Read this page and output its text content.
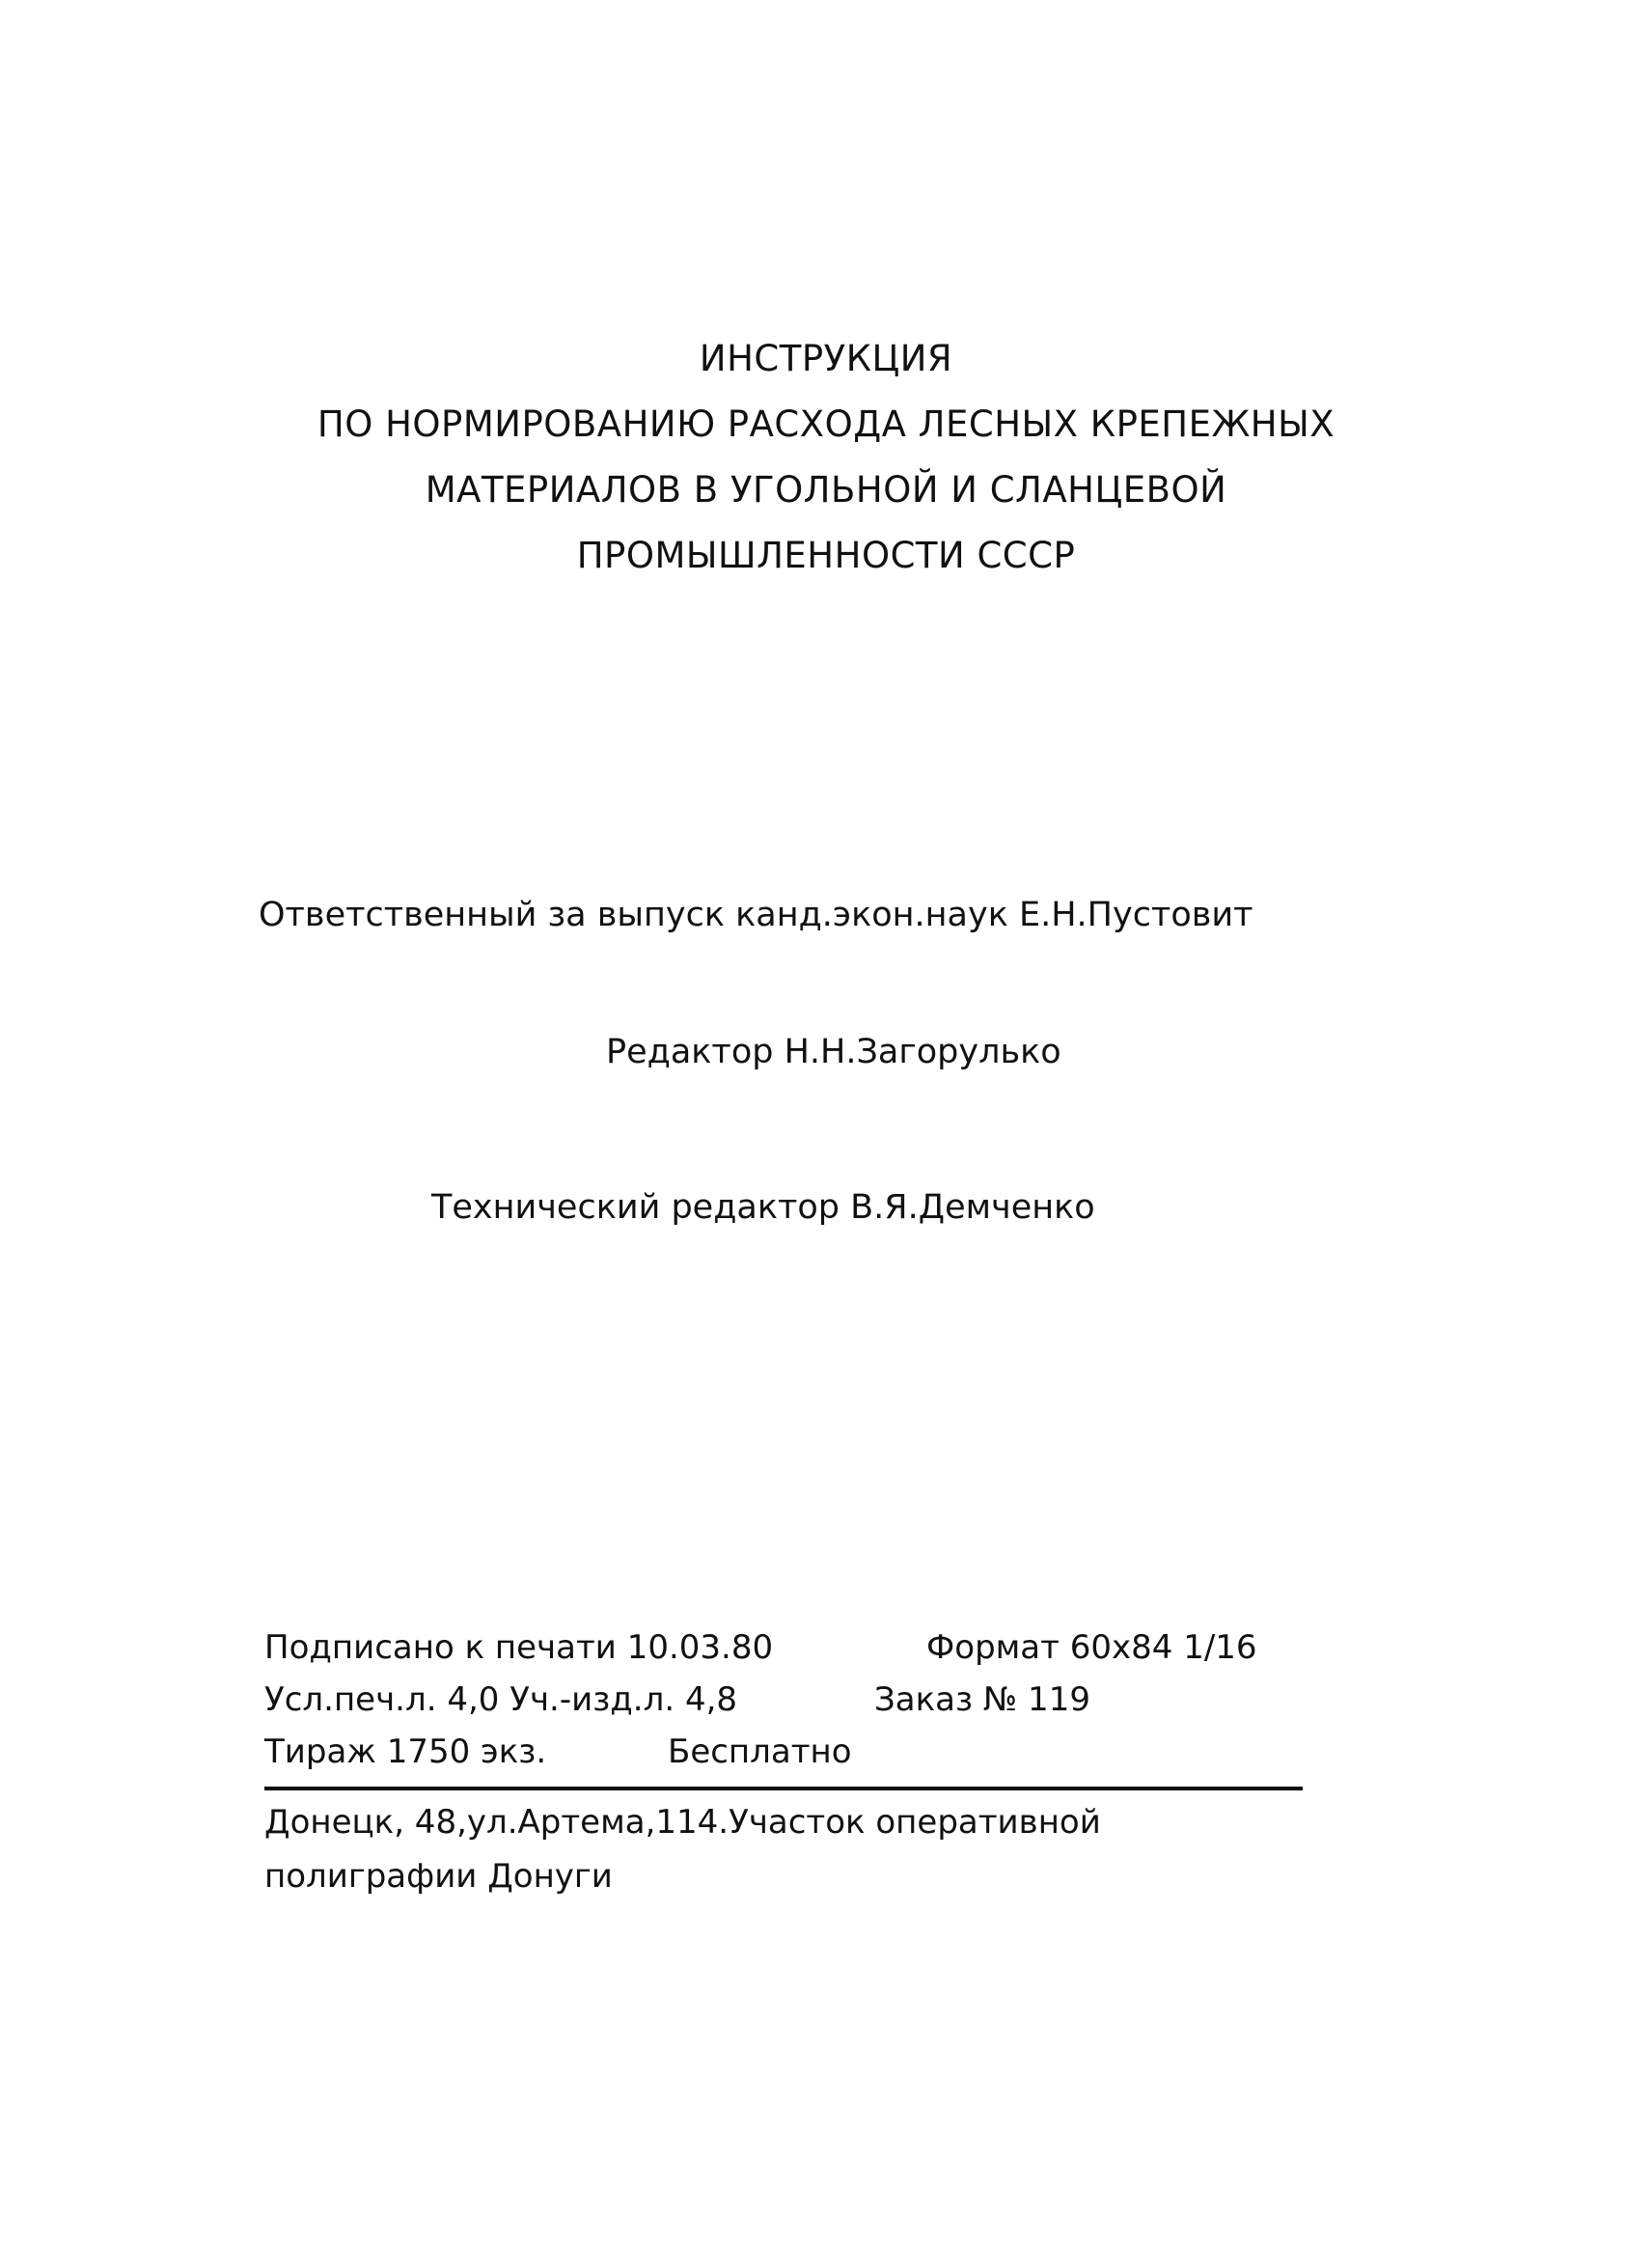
ИНСТРУКЦИЯ
ПО НОРМИРОВАНИЮ РАСХОДА ЛЕСНЫХ КРЕПЕЖНЫХ
МАТЕРИАЛОВ В УГОЛЬНОЙ И СЛАНЦЕВОЙ
ПРОМЫШЛЕННОСТИ СССР
Ответственный за выпуск канд.экон.наук Е.Н.Пустовит
Редактор Н.Н.Загорулько
Технический редактор В.Я.Демченко
Подписано к печати 10.03.80	Формат 60x84 1/16
Усл.печ.л. 4,0 Уч.-изд.л. 4,8	Заказ № 119
Тираж 1750 экз.	Бесплатно
Донецк, 48,ул.Артема,114.Участок оперативной
полиграфии Донуги
